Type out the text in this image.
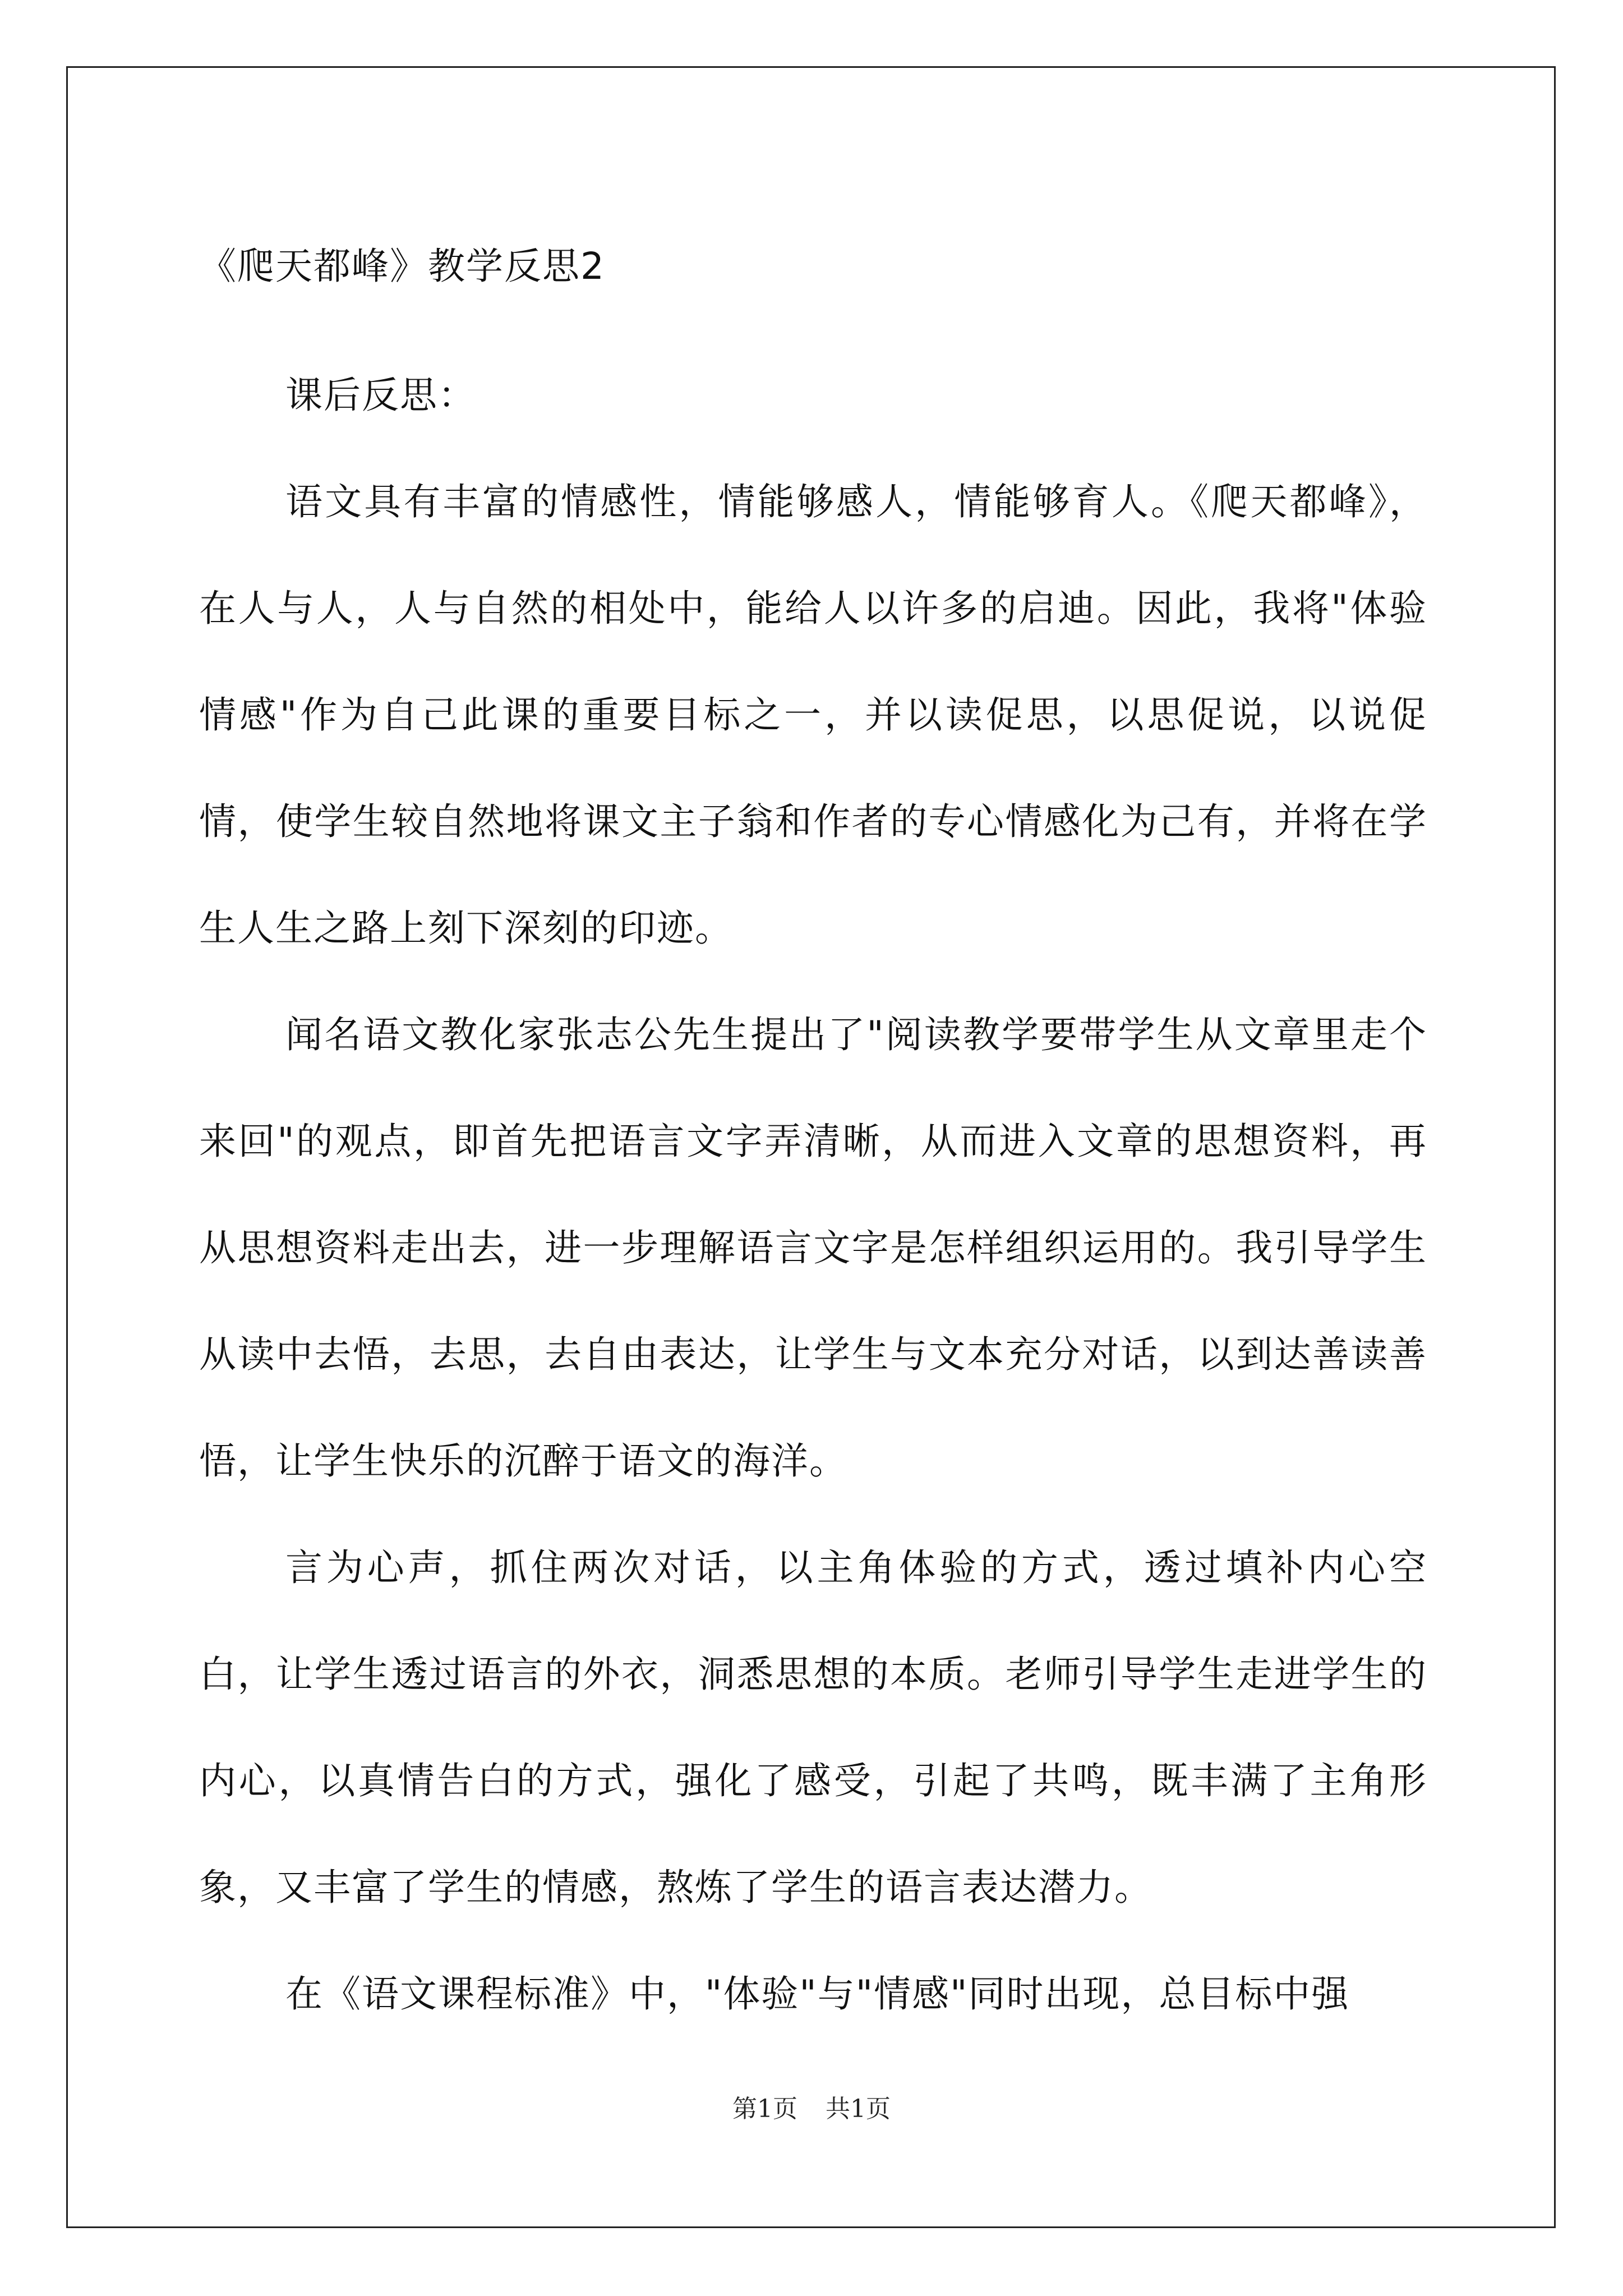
《爬天都峰》教学反思2

课后反思：

语文具有丰富的情感性，情能够感人，情能够育人。《爬天都峰》，在人与人，人与自然的相处中，能给人以许多的启迪。因此，我将"体验情感"作为自己此课的重要目标之一，并以读促思，以思促说，以说促情，使学生较自然地将课文主子翁和作者的专心情感化为己有，并将在学生人生之路上刻下深刻的印迹。

闻名语文教化家张志公先生提出了"阅读教学要带学生从文章里走个来回"的观点，即首先把语言文字弄清晰，从而进入文章的思想资料，再从思想资料走出去，进一步理解语言文字是怎样组织运用的。我引导学生从读中去悟，去思，去自由表达，让学生与文本充分对话，以到达善读善悟，让学生快乐的沉醉于语文的海洋。

言为心声，抓住两次对话，以主角体验的方式，透过填补内心空白，让学生透过语言的外衣，洞悉思想的本质。老师引导学生走进学生的内心，以真情告白的方式，强化了感受，引起了共鸣，既丰满了主角形象，又丰富了学生的情感，熬炼了学生的语言表达潜力。

在《语文课程标准》中，"体验"与"情感"同时出现，总目标中强

第1页 共1页
